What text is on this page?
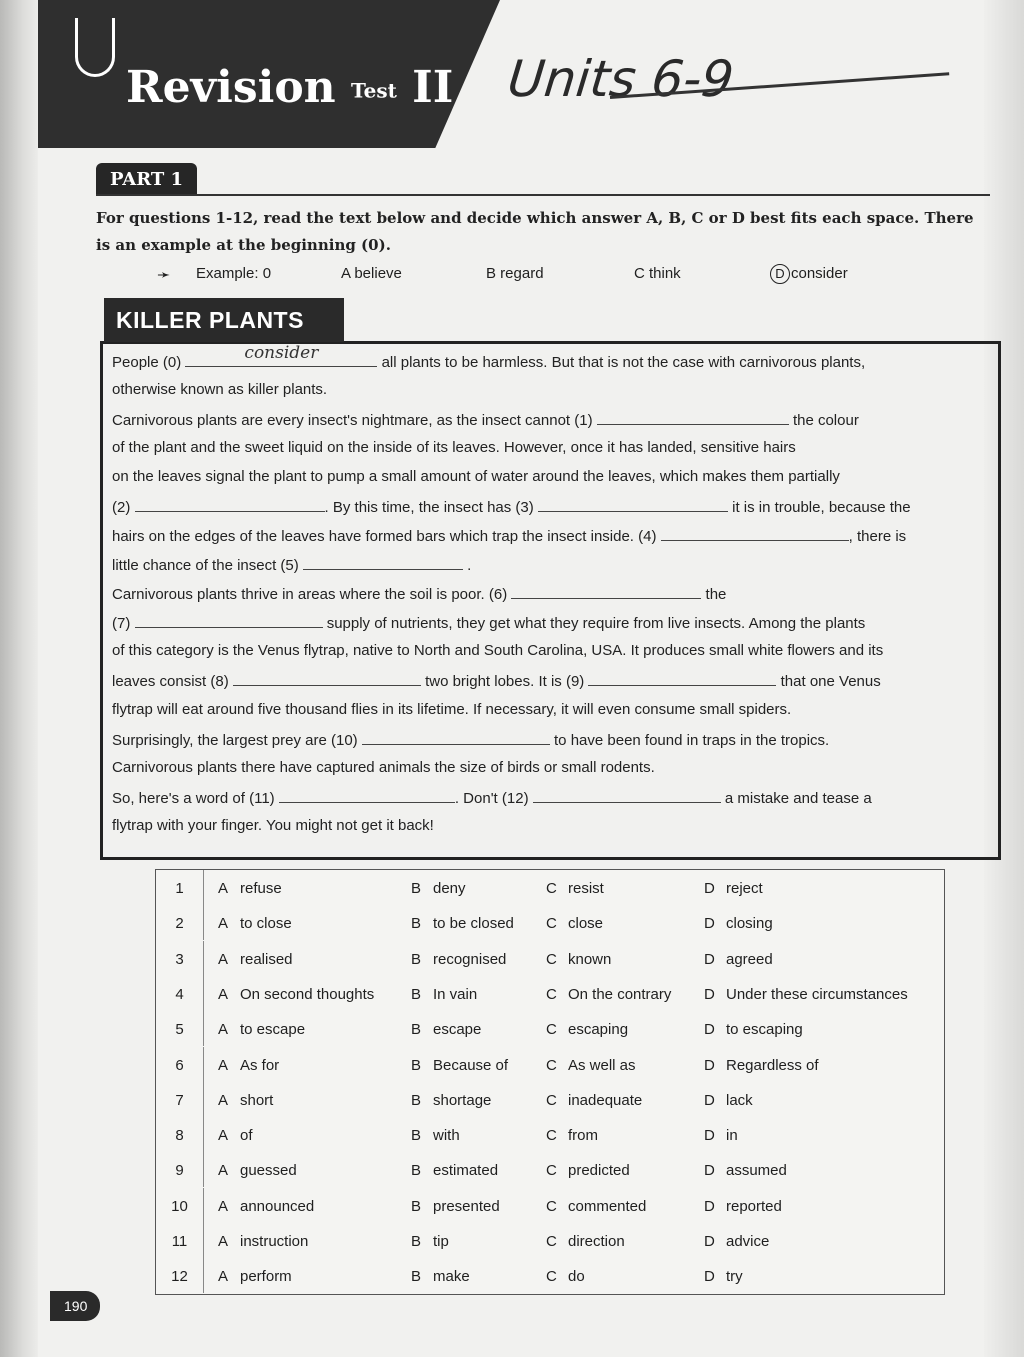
Revision Test II Units 6-9
PART 1
For questions 1-12, read the text below and decide which answer A, B, C or D best fits each space. There is an example at the beginning (0).
➛ Example: 0	A believe	B regard	C think	D consider
KILLER PLANTS
People (0)	consider	all plants to be harmless. But that is not the case with carnivorous plants,
otherwise known as killer plants.
Carnivorous plants are every insect's nightmare, as the insect cannot (1)	the colour
of the plant and the sweet liquid on the inside of its leaves. However, once it has landed, sensitive hairs
on the leaves signal the plant to pump a small amount of water around the leaves, which makes them partially
(2)	. By this time, the insect has (3)	it is in trouble, because the
hairs on the edges of the leaves have formed bars which trap the insect inside. (4)	, there is
little chance of the insect (5)	.
Carnivorous plants thrive in areas where the soil is poor. (6)	the
(7)	supply of nutrients, they get what they require from live insects. Among the plants
of this category is the Venus flytrap, native to North and South Carolina, USA. It produces small white flowers and its
leaves consist (8)	two bright lobes. It is (9)	that one Venus
flytrap will eat around five thousand flies in its lifetime. If necessary, it will even consume small spiders.
Surprisingly, the largest prey are (10)	to have been found in traps in the tropics.
Carnivorous plants there have captured animals the size of birds or small rodents.
So, here's a word of (11)	. Don't (12)	a mistake and tease a
flytrap with your finger. You might not get it back!
1	A refuse	B deny	C resist	D reject
2	A to close	B to be closed C close	D closing
3	A realised	B recognised	C known	D agreed
4	A On second thoughts B In vain	C On the contrary D Under these circumstances
5	A to escape	B escape	C escaping	D to escaping
6	A As for	B Because of	C As well as	D Regardless of
7	A short	B shortage	C inadequate	D lack
8	A of	B with	C from	D in
9	A guessed	B estimated	C predicted	D assumed
10	A announced	B presented	C commented	D reported
11	A instruction	B tip	C direction	D advice
12	A perform	B make	C do	D try
190
